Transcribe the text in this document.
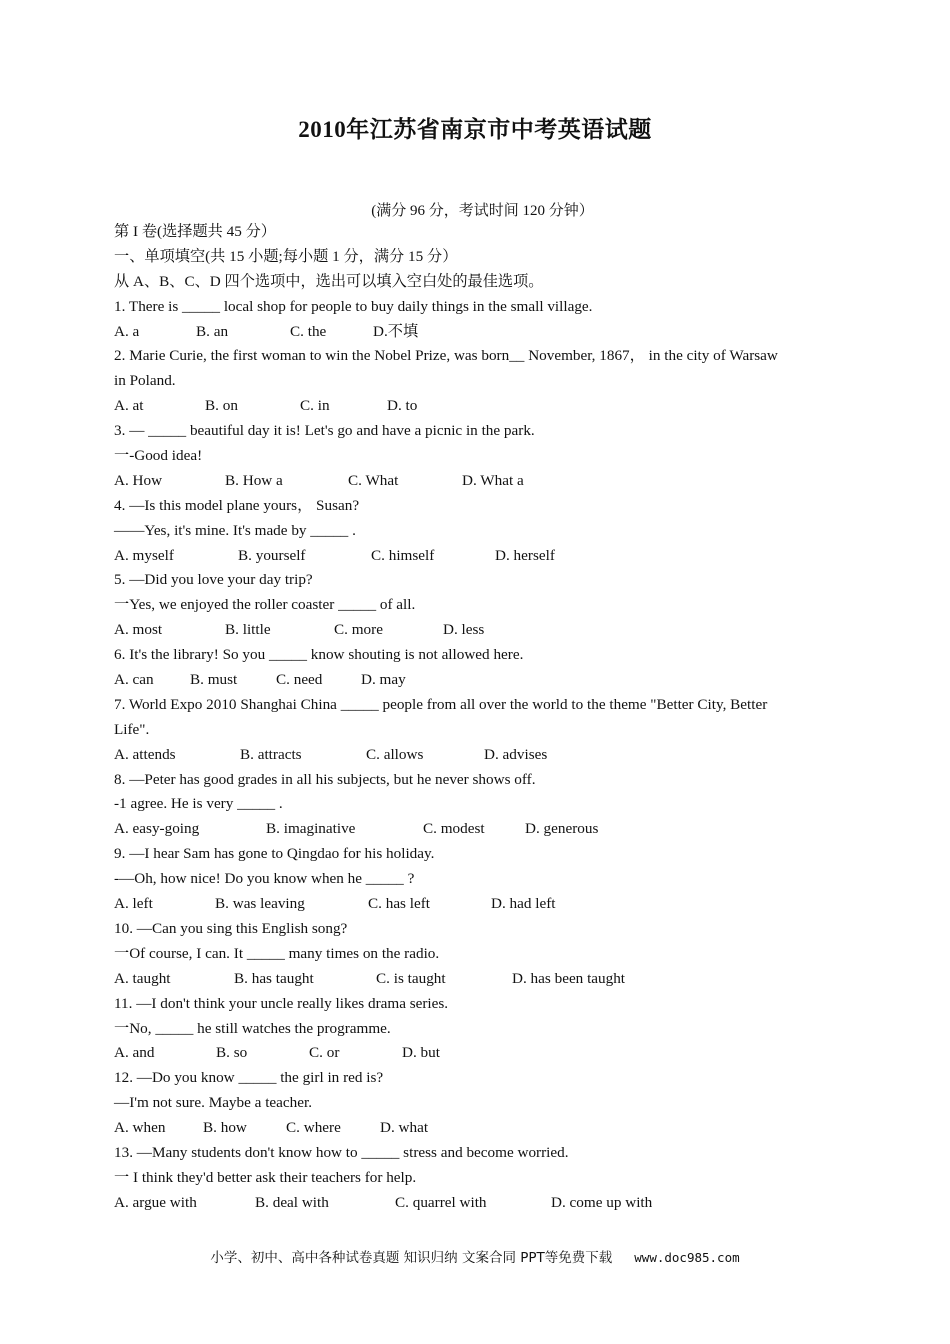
2010年江苏省南京市中考英语试题
(满分 96 分，考试时间 120 分钟）
第 I 卷(选择题共 45 分）
一、单项填空(共 15 小题;每小题 1 分，满分 15 分）
从 A、B、C、D 四个选项中，选出可以填入空白处的最佳选项。
1. There is _____ local shop for people to buy daily things in the small village.
A. a	B. an	C. the	D.不填
2. Marie Curie, the first woman to win the Nobel Prize, was born__ November, 1867， in the city of Warsaw
in Poland.
A. at	B. on	C. in	D. to
3. — _____ beautiful day it is! Let's go and have a picnic in the park.
一-Good idea!
A. How	B. How a	C. What	D. What a
4. —Is this model plane yours， Susan?
——Yes, it's mine. It's made by _____ .
A. myself	B. yourself	C. himself	D. herself
5. —Did you love your day trip?
一Yes, we enjoyed the roller coaster _____ of all.
A. most	B. little	C. more	D. less
6. It's the library! So you _____ know shouting is not allowed here.
A. can B. must	C. need	D. may
7. World Expo 2010 Shanghai China _____ people from all over the world to the theme "Better City, Better
Life".
A. attends	B. attracts	C. allows	D. advises
8. —Peter has good grades in all his subjects, but he never shows off.
-1 agree. He is very _____ .
A. easy-going	B. imaginative	C. modest	D. generous
9. —I hear Sam has gone to Qingdao for his holiday.
-—Oh, how nice! Do you know when he _____ ?
A. left	B. was leaving	C. has left	D. had left
10. —Can you sing this English song?
一Of course, I can. It _____ many times on the radio.
A. taught	B. has taught	C. is taught	D. has been taught
11. —I don't think your uncle really likes drama series.
一No, _____ he still watches the programme.
A. and	B. so	C. or	D. but
12. —Do you know _____ the girl in red is?
—I'm not sure. Maybe a teacher.
A. when B. how	C. where	D. what
13. —Many students don't know how to _____ stress and become worried.
一 I think they'd better ask their teachers for help.
A. argue with	B. deal with	C. quarrel with	D. come up with
小学、初中、高中各种试卷真题 知识归纳 文案合同 PPT等免费下载 www.doc985.com
